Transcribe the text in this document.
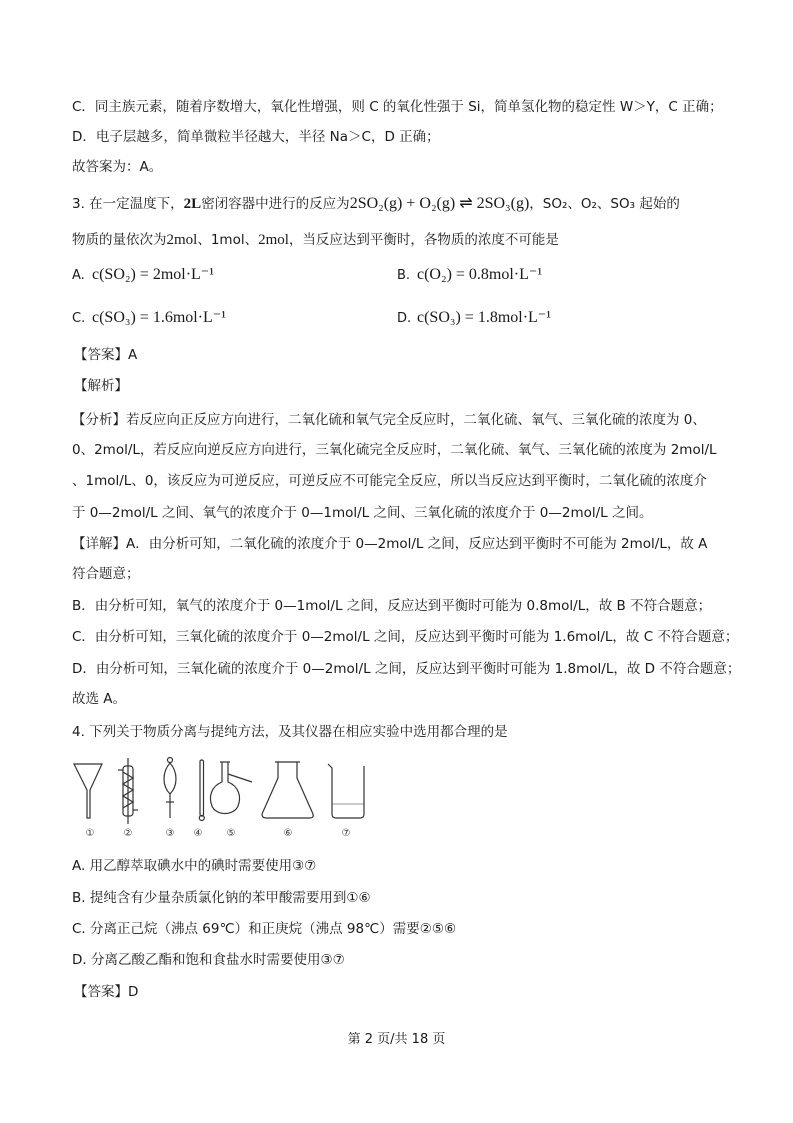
C．同主族元素，随着序数增大，氧化性增强，则 C 的氧化性强于 Si，简单氢化物的稳定性 W＞Y，C 正确；
D．电子层越多，简单微粒半径越大，半径 Na＞C，D 正确；
故答案为：A。
3. 在一定温度下，2L密闭容器中进行的反应为2SO₂(g) + O₂(g) ⇌ 2SO₃(g)，SO₂、O₂、SO₃ 起始的
物质的量依次为2mol、1mol、2mol，当反应达到平衡时，各物质的浓度不可能是
A. c(SO₂) = 2mol·L⁻¹	B. c(O₂) = 0.8mol·L⁻¹
C. c(SO₃) = 1.6mol·L⁻¹	D. c(SO₃) = 1.8mol·L⁻¹
【答案】A
【解析】
【分析】若反应向正反应方向进行，二氧化硫和氧气完全反应时，二氧化硫、氧气、三氧化硫的浓度为 0、
0、2mol/L，若反应向逆反应方向进行，三氧化硫完全反应时，二氧化硫、氧气、三氧化硫的浓度为 2mol/L
、1mol/L、0，该反应为可逆反应，可逆反应不可能完全反应，所以当反应达到平衡时，二氧化硫的浓度介
于 0—2mol/L 之间、氧气的浓度介于 0—1mol/L 之间、三氧化硫的浓度介于 0—2mol/L 之间。
【详解】A．由分析可知，二氧化硫的浓度介于 0—2mol/L 之间，反应达到平衡时不可能为 2mol/L，故 A
符合题意；
B．由分析可知，氧气的浓度介于 0—1mol/L 之间，反应达到平衡时可能为 0.8mol/L，故 B 不符合题意；
C．由分析可知，三氧化硫的浓度介于 0—2mol/L 之间，反应达到平衡时可能为 1.6mol/L，故 C 不符合题意；
D．由分析可知，三氧化硫的浓度介于 0—2mol/L 之间，反应达到平衡时可能为 1.8mol/L，故 D 不符合题意；
故选 A。
4. 下列关于物质分离与提纯方法，及其仪器在相应实验中选用都合理的是
①	②	③ ④ ⑤	⑥	⑦
A. 用乙醇萃取碘水中的碘时需要使用③⑦
B. 提纯含有少量杂质氯化钠的苯甲酸需要用到①⑥
C. 分离正己烷（沸点 69℃）和正庚烷（沸点 98℃）需要②⑤⑥
D. 分离乙酸乙酯和饱和食盐水时需要使用③⑦
【答案】D
第 2 页/共 18 页
